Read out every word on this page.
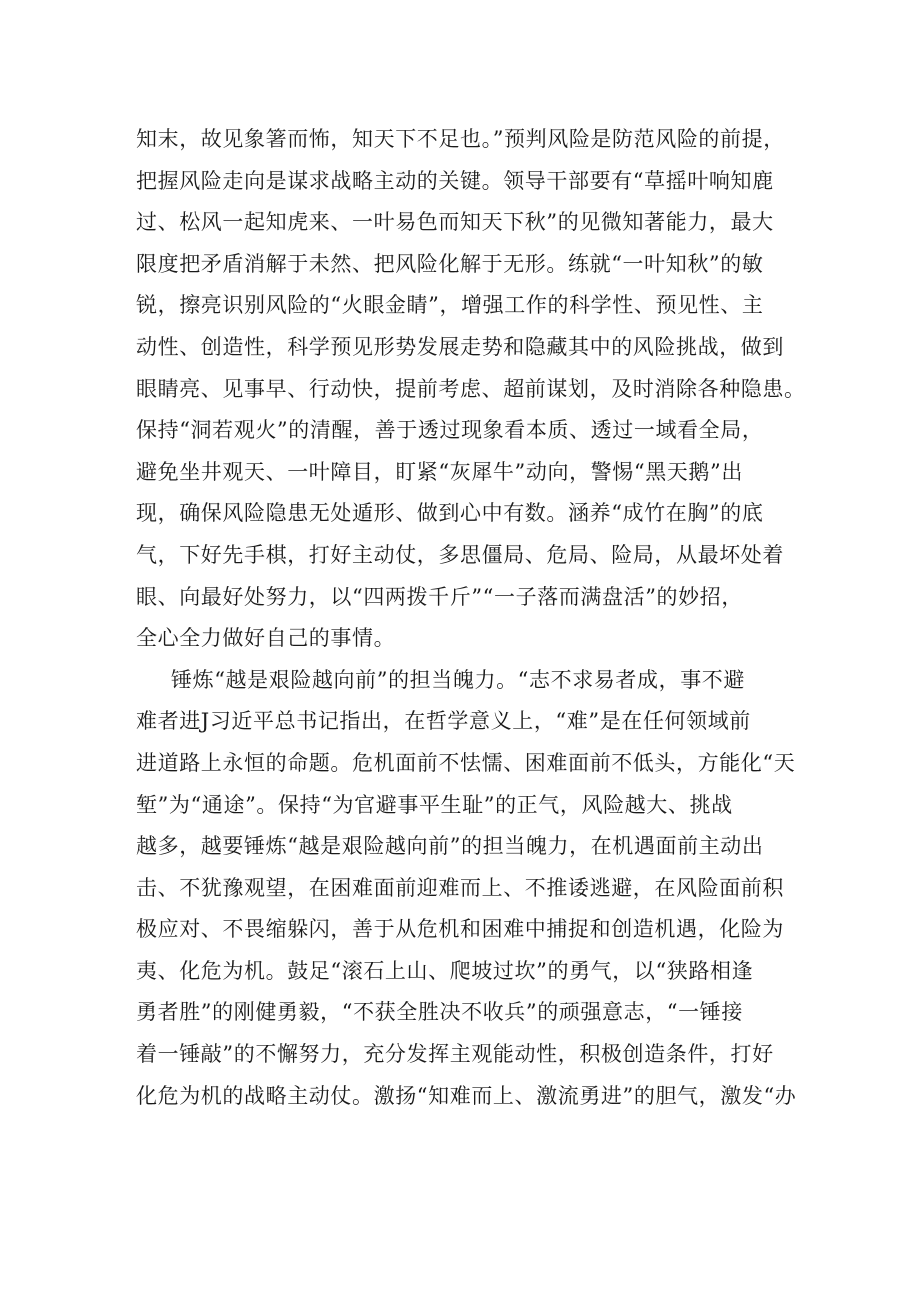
知末，故见象箸而怖，知天下不足也。”预判风险是防范风险的前提，
把握风险走向是谋求战略主动的关键。领导干部要有“草摇叶响知鹿
过、松风一起知虎来、一叶易色而知天下秋”的见微知著能力，最大
限度把矛盾消解于未然、把风险化解于无形。练就“一叶知秋”的敏
锐，擦亮识别风险的“火眼金睛”，增强工作的科学性、预见性、主
动性、创造性，科学预见形势发展走势和隐藏其中的风险挑战，做到
眼睛亮、见事早、行动快，提前考虑、超前谋划，及时消除各种隐患。
保持“洞若观火”的清醒，善于透过现象看本质、透过一域看全局，
避免坐井观天、一叶障目，盯紧“灰犀牛”动向，警惕“黑天鹅”出
现，确保风险隐患无处遁形、做到心中有数。涵养“成竹在胸”的底
气，下好先手棋，打好主动仗，多思僵局、危局、险局，从最坏处着
眼、向最好处努力，以“四两拨千斤”“一子落而满盘活”的妙招，
全心全力做好自己的事情。
锤炼“越是艰险越向前”的担当魄力。“志不求易者成，事不避
难者进J习近平总书记指出，在哲学意义上，“难”是在任何领域前
进道路上永恒的命题。危机面前不怯懦、困难面前不低头，方能化“天
堑”为“通途”。保持“为官避事平生耻”的正气，风险越大、挑战
越多，越要锤炼“越是艰险越向前”的担当魄力，在机遇面前主动出
击、不犹豫观望，在困难面前迎难而上、不推诿逃避，在风险面前积
极应对、不畏缩躲闪，善于从危机和困难中捕捉和创造机遇，化险为
夷、化危为机。鼓足“滚石上山、爬坡过坎”的勇气，以“狭路相逢
勇者胜”的刚健勇毅，“不获全胜决不收兵”的顽强意志，“一锤接
着一锤敲”的不懈努力，充分发挥主观能动性，积极创造条件，打好
化危为机的战略主动仗。激扬“知难而上、激流勇进”的胆气，激发“办
